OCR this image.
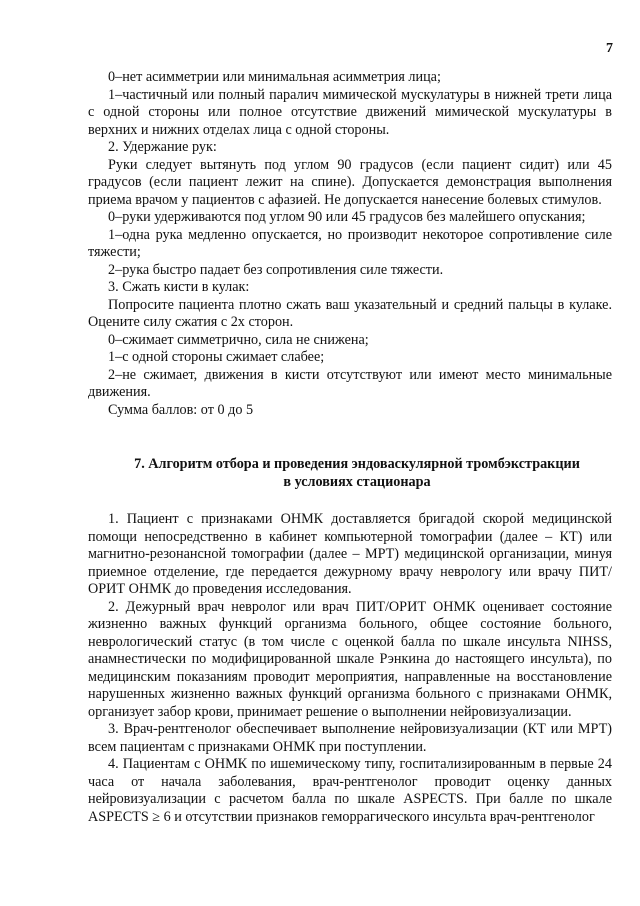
7

0–нет асимметрии или минимальная асимметрия лица;

1–частичный или полный паралич мимической мускулатуры в нижней трети лица с одной стороны или полное отсутствие движений мимической мускулатуры в верхних и нижних отделах лица с одной стороны.

2. Удержание рук:

Руки следует вытянуть под углом 90 градусов (если пациент сидит) или 45 градусов (если пациент лежит на спине). Допускается демонстрация выполнения приема врачом у пациентов с афазией. Не допускается нанесение болевых стимулов.

0–руки удерживаются под углом 90 или 45 градусов без малейшего опускания;

1–одна рука медленно опускается, но производит некоторое сопротивление силе тяжести;

2–рука быстро падает без сопротивления силе тяжести.

3. Сжать кисти в кулак:

Попросите пациента плотно сжать ваш указательный и средний пальцы в кулаке. Оцените силу сжатия с 2х сторон.

0–сжимает симметрично, сила не снижена;

1–с одной стороны сжимает слабее;

2–не сжимает, движения в кисти отсутствуют или имеют место минимальные движения.

Сумма баллов: от 0 до 5

7. Алгоритм отбора и проведения эндоваскулярной тромбэкстракции
в условиях стационара

1. Пациент с признаками ОНМК доставляется бригадой скорой медицинской помощи непосредственно в кабинет компьютерной томографии (далее – КТ) или магнитно-резонансной томографии (далее – МРТ) медицинской организации, минуя приемное отделение, где передается дежурному врачу неврологу или врачу ПИТ/ОРИТ ОНМК до проведения исследования.

2. Дежурный врач невролог или врач ПИТ/ОРИТ ОНМК оценивает состояние жизненно важных функций организма больного, общее состояние больного, неврологический статус (в том числе с оценкой балла по шкале инсульта NIHSS, анамнестически по модифицированной шкале Рэнкина до настоящего инсульта), по медицинским показаниям проводит мероприятия, направленные на восстановление нарушенных жизненно важных функций организма больного с признаками ОНМК, организует забор крови, принимает решение о выполнении нейровизуализации.

3. Врач-рентгенолог обеспечивает выполнение нейровизуализации (КТ или МРТ) всем пациентам с признаками ОНМК при поступлении.

4. Пациентам с ОНМК по ишемическому типу, госпитализированным в первые 24 часа от начала заболевания, врач-рентгенолог проводит оценку данных нейровизуализации с расчетом балла по шкале ASPECTS. При балле по шкале ASPECTS ≥ 6 и отсутствии признаков геморрагического инсульта врач-рентгенолог
